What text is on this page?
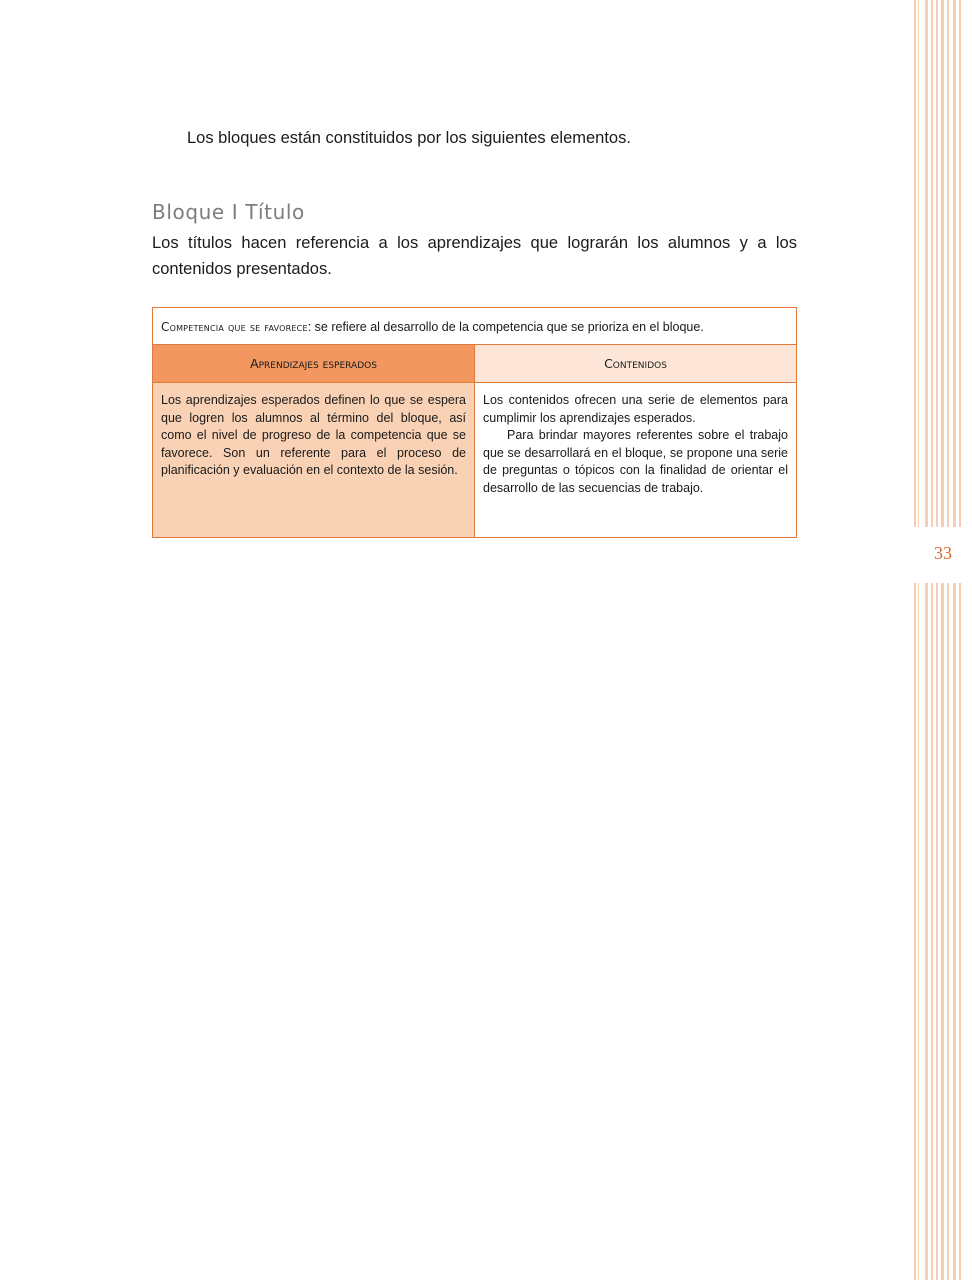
Los bloques están constituidos por los siguientes elementos.

Bloque I Título

Los títulos hacen referencia a los aprendizajes que lograrán los alumnos y a los contenidos presentados.

Competencia que se favorece: se refiere al desarrollo de la competencia que se prioriza en el bloque.
Aprendizajes esperados	Contenidos

Los aprendizajes esperados definen lo que se espera que logren los alumnos al término del bloque, así como el nivel de progreso de la competencia que se favorece. Son un referente para el proceso de planificación y evaluación en el contexto de la sesión.

Los contenidos ofrecen una serie de elementos para cumplimir los aprendizajes esperados.

Para brindar mayores referentes sobre el trabajo que se desarrollará en el bloque, se propone una serie de preguntas o tópicos con la finalidad de orientar el desarrollo de las secuencias de trabajo.

33
